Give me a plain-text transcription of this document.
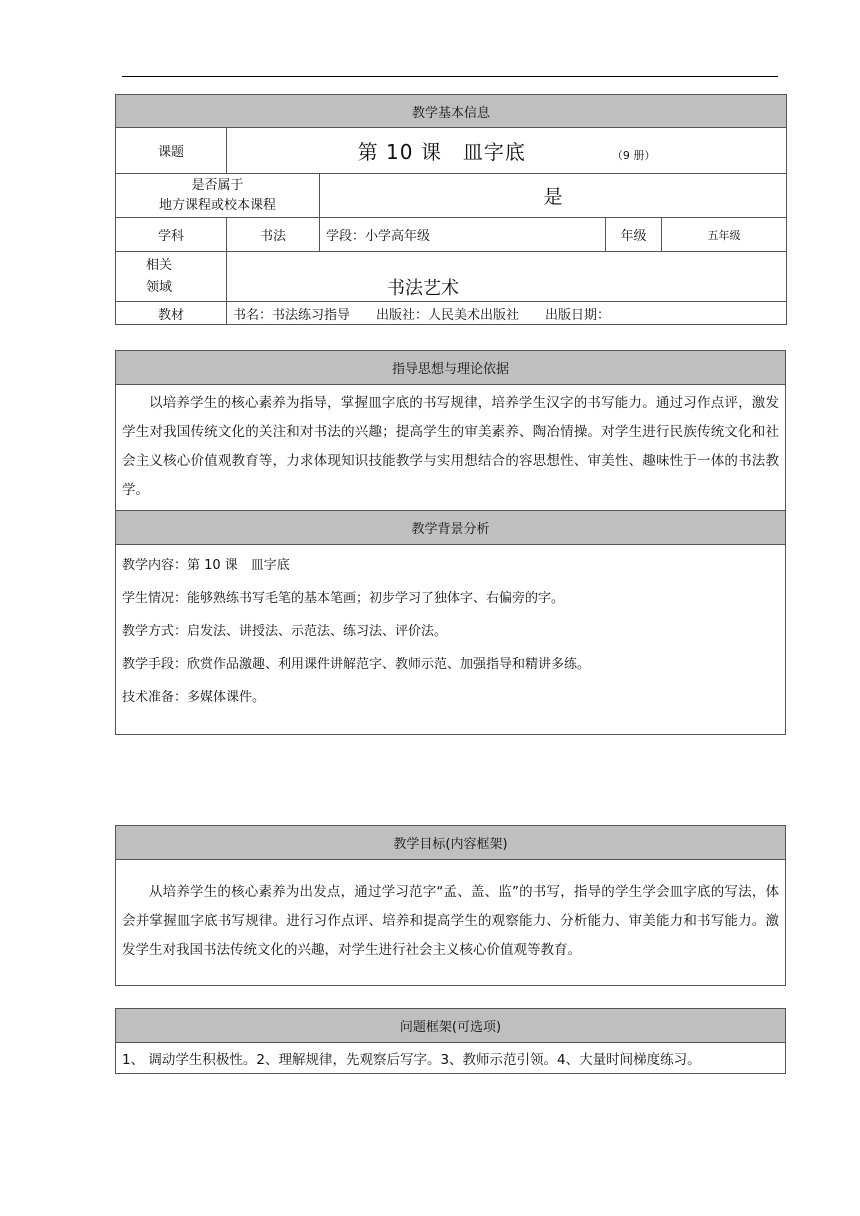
教学基本信息				
课题	第 10 课　皿字底 （9 册）			

是否属于
地方课程或校本课程		是		
学科	书法	学段：小学高年级	年级	五年级

相关
领域	书法艺术			

教材	书名：书法练习指导　　出版社：人民美术出版社　　出版日期：			
指导思想与理论依据

以培养学生的核心素养为指导，掌握皿字底的书写规律，培养学生汉字的书写能力。通过习作点评，激发学生对我国传统文化的关注和对书法的兴趣；提高学生的审美素养、陶冶情操。对学生进行民族传统文化和社会主义核心价值观教育等，力求体现知识技能教学与实用想结合的容思想性、审美性、趣味性于一体的书法教学。

教学背景分析

教学内容：第 10 课　皿字底
学生情况：能够熟练书写毛笔的基本笔画；初步学习了独体字、右偏旁的字。
教学方式：启发法、讲授法、示范法、练习法、评价法。
教学手段：欣赏作品激趣、利用课件讲解范字、教师示范、加强指导和精讲多练。
技术准备：多媒体课件。
教学目标(内容框架)

从培养学生的核心素养为出发点，通过学习范字“孟、盖、监”的书写，指导的学生学会皿字底的写法，体会并掌握皿字底书写规律。进行习作点评、培养和提高学生的观察能力、分析能力、审美能力和书写能力。激发学生对我国书法传统文化的兴趣，对学生进行社会主义核心价值观等教育。
问题框架(可选项)
1、 调动学生积极性。2、理解规律，先观察后写字。3、教师示范引领。4、大量时间梯度练习。
